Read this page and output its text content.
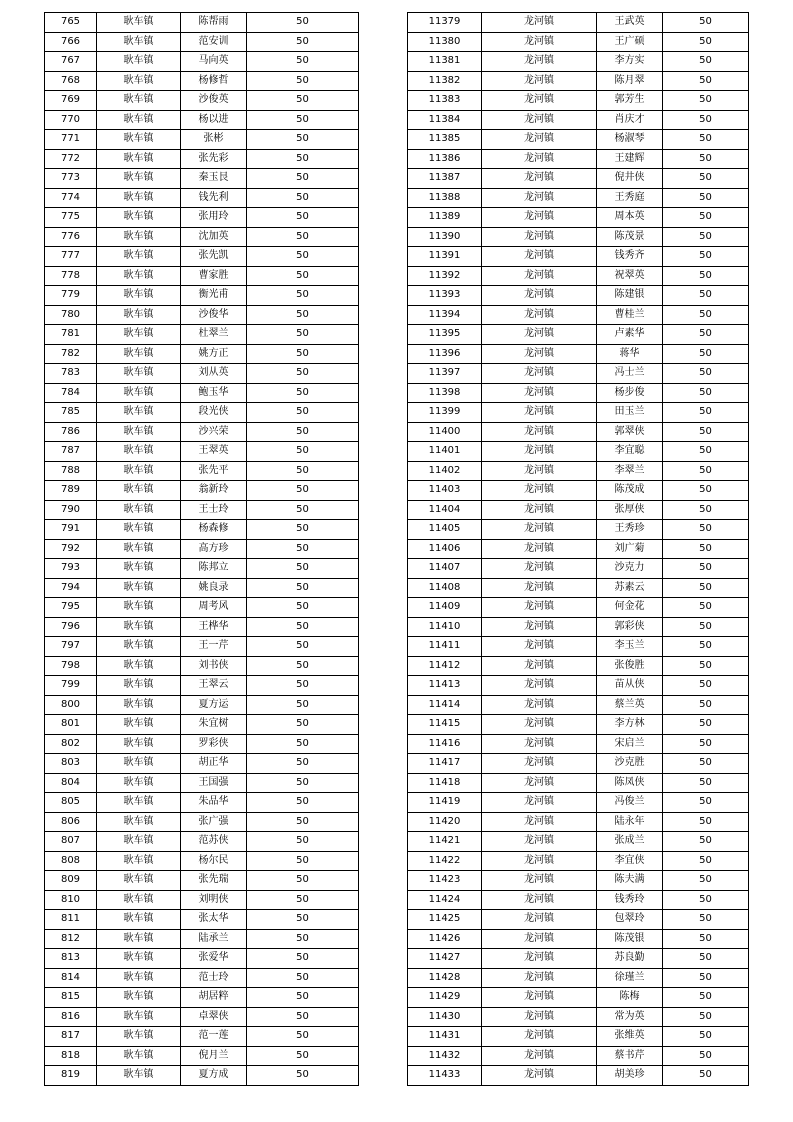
765	耿车镇	陈帮雨	50
766	耿车镇	范安训	50
767	耿车镇	马向英	50
768	耿车镇	杨修哲	50
769	耿车镇	沙俊英	50
770	耿车镇	杨以进	50
771	耿车镇	张彬	50
772	耿车镇	张先彩	50
773	耿车镇	秦玉艮	50
774	耿车镇	钱先利	50
775	耿车镇	张用玲	50
776	耿车镇	沈加英	50
777	耿车镇	张先凯	50
778	耿车镇	曹家胜	50
779	耿车镇	衡光甫	50
780	耿车镇	沙俊华	50
781	耿车镇	杜翠兰	50
782	耿车镇	姚方正	50
783	耿车镇	刘从英	50
784	耿车镇	鲍玉华	50
785	耿车镇	段光侠	50
786	耿车镇	沙兴荣	50
787	耿车镇	王翠英	50
788	耿车镇	张先平	50
789	耿车镇	翁新玲	50
790	耿车镇	王士玲	50
791	耿车镇	杨森修	50
792	耿车镇	高方珍	50
793	耿车镇	陈邦立	50
794	耿车镇	姚良录	50
795	耿车镇	周考风	50
796	耿车镇	王桦华	50
797	耿车镇	王一芹	50
798	耿车镇	刘书侠	50
799	耿车镇	王翠云	50
800	耿车镇	夏方运	50
801	耿车镇	朱宜树	50
802	耿车镇	罗彩侠	50
803	耿车镇	胡正华	50
804	耿车镇	王国强	50
805	耿车镇	朱品华	50
806	耿车镇	张广强	50
807	耿车镇	范苏侠	50
808	耿车镇	杨尔民	50
809	耿车镇	张先瑞	50
810	耿车镇	刘明侠	50
811	耿车镇	张太华	50
812	耿车镇	陆承兰	50
813	耿车镇	张爱华	50
814	耿车镇	范士玲	50
815	耿车镇	胡居粹	50
816	耿车镇	卓翠侠	50
817	耿车镇	范一莲	50
818	耿车镇	倪月兰	50
819	耿车镇	夏方成	50
11379	龙河镇	王武英	50
11380	龙河镇	王广硕	50
11381	龙河镇	李方实	50
11382	龙河镇	陈月翠	50
11383	龙河镇	郭芳生	50
11384	龙河镇	肖庆才	50
11385	龙河镇	杨淑琴	50
11386	龙河镇	王建辉	50
11387	龙河镇	倪井侠	50
11388	龙河镇	王秀庭	50
11389	龙河镇	周本英	50
11390	龙河镇	陈茂景	50
11391	龙河镇	钱秀齐	50
11392	龙河镇	祝翠英	50
11393	龙河镇	陈建银	50
11394	龙河镇	曹桂兰	50
11395	龙河镇	卢素华	50
11396	龙河镇	蒋华	50
11397	龙河镇	冯士兰	50
11398	龙河镇	杨步俊	50
11399	龙河镇	田玉兰	50
11400	龙河镇	郭翠侠	50
11401	龙河镇	李宜聪	50
11402	龙河镇	李翠兰	50
11403	龙河镇	陈茂成	50
11404	龙河镇	张厚侠	50
11405	龙河镇	王秀珍	50
11406	龙河镇	刘广菊	50
11407	龙河镇	沙克力	50
11408	龙河镇	苏素云	50
11409	龙河镇	何金花	50
11410	龙河镇	郭彩侠	50
11411	龙河镇	李玉兰	50
11412	龙河镇	张俊胜	50
11413	龙河镇	苗从侠	50
11414	龙河镇	蔡兰英	50
11415	龙河镇	李方林	50
11416	龙河镇	宋启兰	50
11417	龙河镇	沙克胜	50
11418	龙河镇	陈凤侠	50
11419	龙河镇	冯俊兰	50
11420	龙河镇	陆永年	50
11421	龙河镇	张成兰	50
11422	龙河镇	李宜侠	50
11423	龙河镇	陈夫满	50
11424	龙河镇	钱秀玲	50
11425	龙河镇	包翠玲	50
11426	龙河镇	陈茂银	50
11427	龙河镇	苏良勤	50
11428	龙河镇	徐瑾兰	50
11429	龙河镇	陈梅	50
11430	龙河镇	常为英	50
11431	龙河镇	张维英	50
11432	龙河镇	蔡书芹	50
11433	龙河镇	胡美珍	50
